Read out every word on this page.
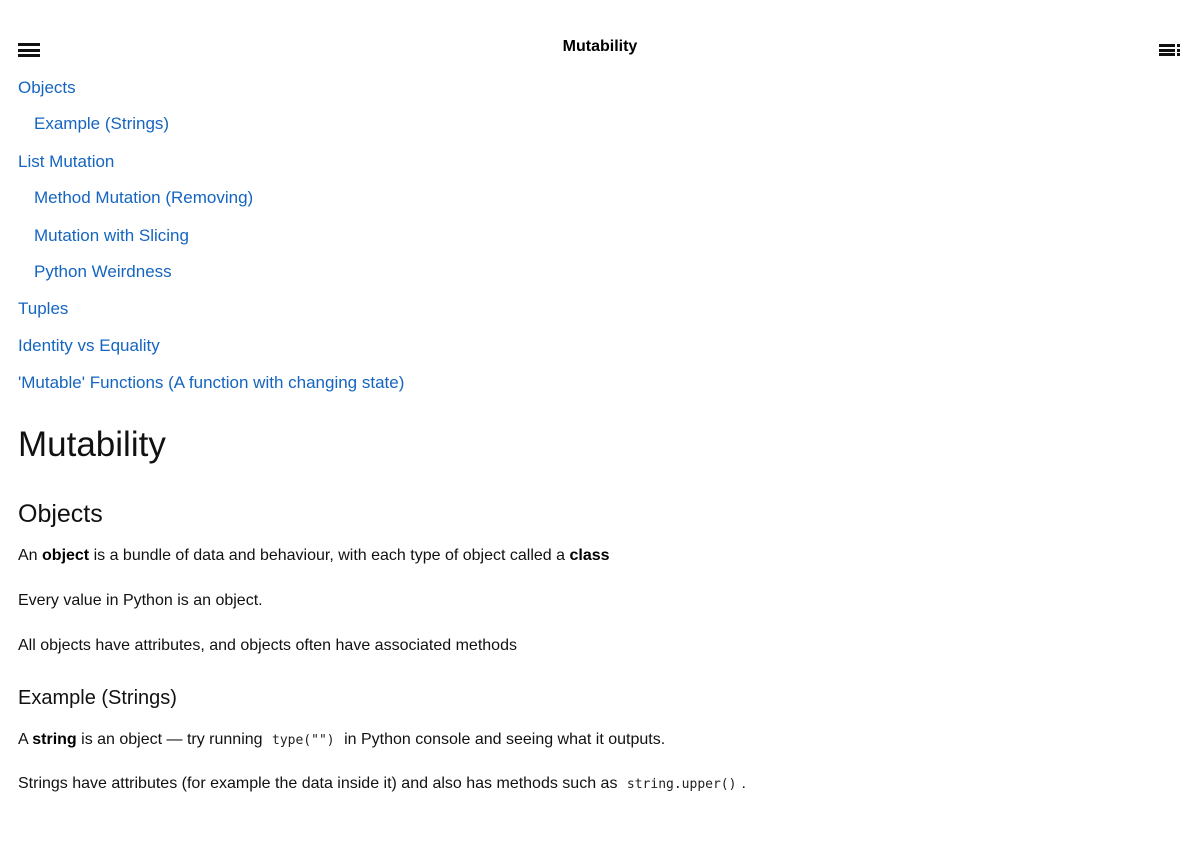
Mutability
Objects
Example (Strings)
List Mutation
Method Mutation (Removing)
Mutation with Slicing
Python Weirdness
Tuples
Identity vs Equality
'Mutable' Functions (A function with changing state)
Mutability
Objects

An object is a bundle of data and behaviour, with each type of object called a class

Every value in Python is an object.

All objects have attributes, and objects often have associated methods

Example (Strings)

A string is an object — try running type("") in Python console and seeing what it outputs.

Strings have attributes (for example the data inside it) and also has methods such as string.upper() .
